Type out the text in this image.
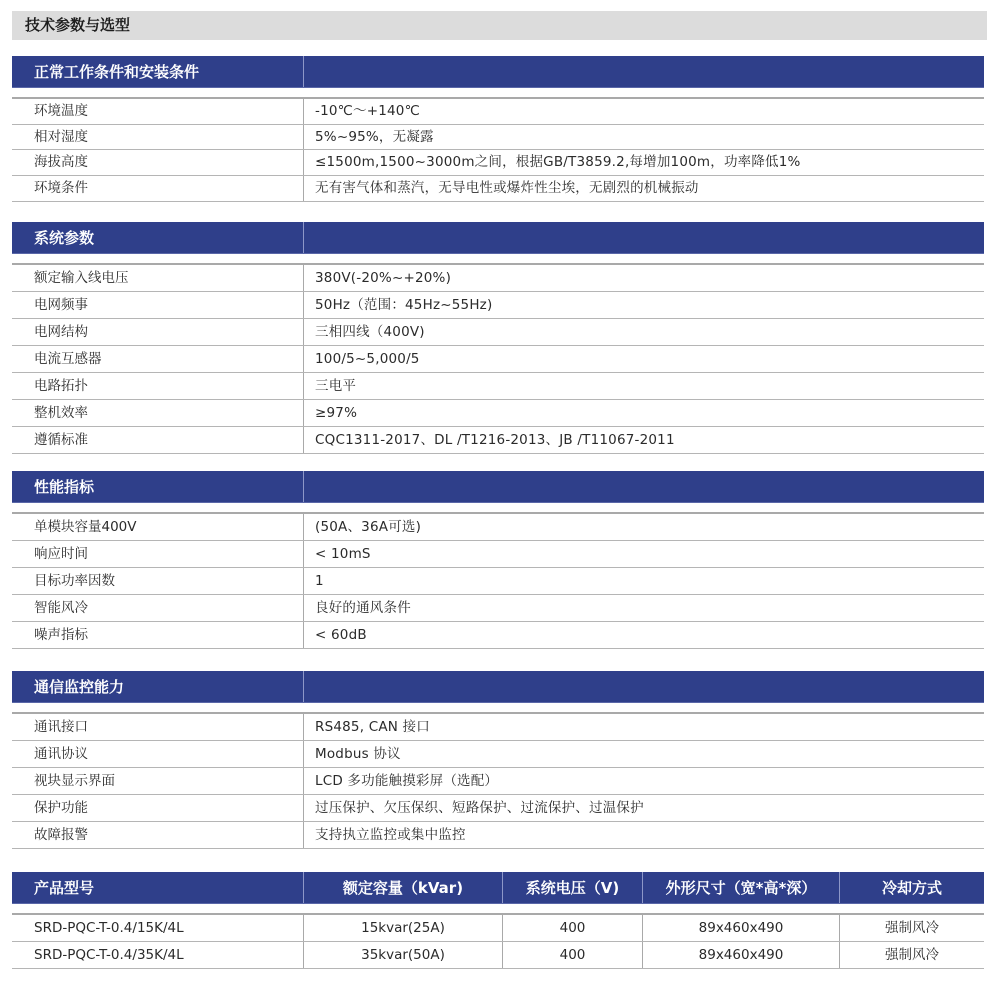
技术参数与选型
正常工作条件和安装条件
环境温度	-10℃～+140℃
相对湿度	5%~95%，无凝露
海拔高度	≤1500m,1500~3000m之间，根据GB/T3859.2,每增加100m，功率降低1%
环境条件	无有害气体和蒸汽，无导电性或爆炸性尘埃，无剧烈的机械振动
系统参数
额定输入线电压	380V(-20%~+20%)
电网频事	50Hz（范围：45Hz~55Hz)
电网结构	三相四线（400V)
电流互感器	100/5~5,000/5
电路拓扑	三电平
整机效率	≥97%
遵循标准	CQC1311-2017、DL /T1216-2013、JB /T11067-2011
性能指标
单模块容量400V	(50A、36A可选)
响应时间	< 10mS
目标功率因数	1
智能风冷	良好的通风条件
噪声指标	< 60dB
通信监控能力
通讯接口	RS485, CAN 接口
通讯协议	Modbus 协议
视块显示界面	LCD 多功能触摸彩屏（选配）
保护功能	过压保护、欠压保织、短路保护、过流保护、过温保护
故障报警	支持执立监控或集中监控
产品型号	额定容量（kVar)	系统电压（V)	外形尺寸（宽*高*深）	冷却方式
SRD-PQC-T-0.4/15K/4L	15kvar(25A)	400	89x460x490	强制风冷
SRD-PQC-T-0.4/35K/4L	35kvar(50A)	400	89x460x490	强制风冷
